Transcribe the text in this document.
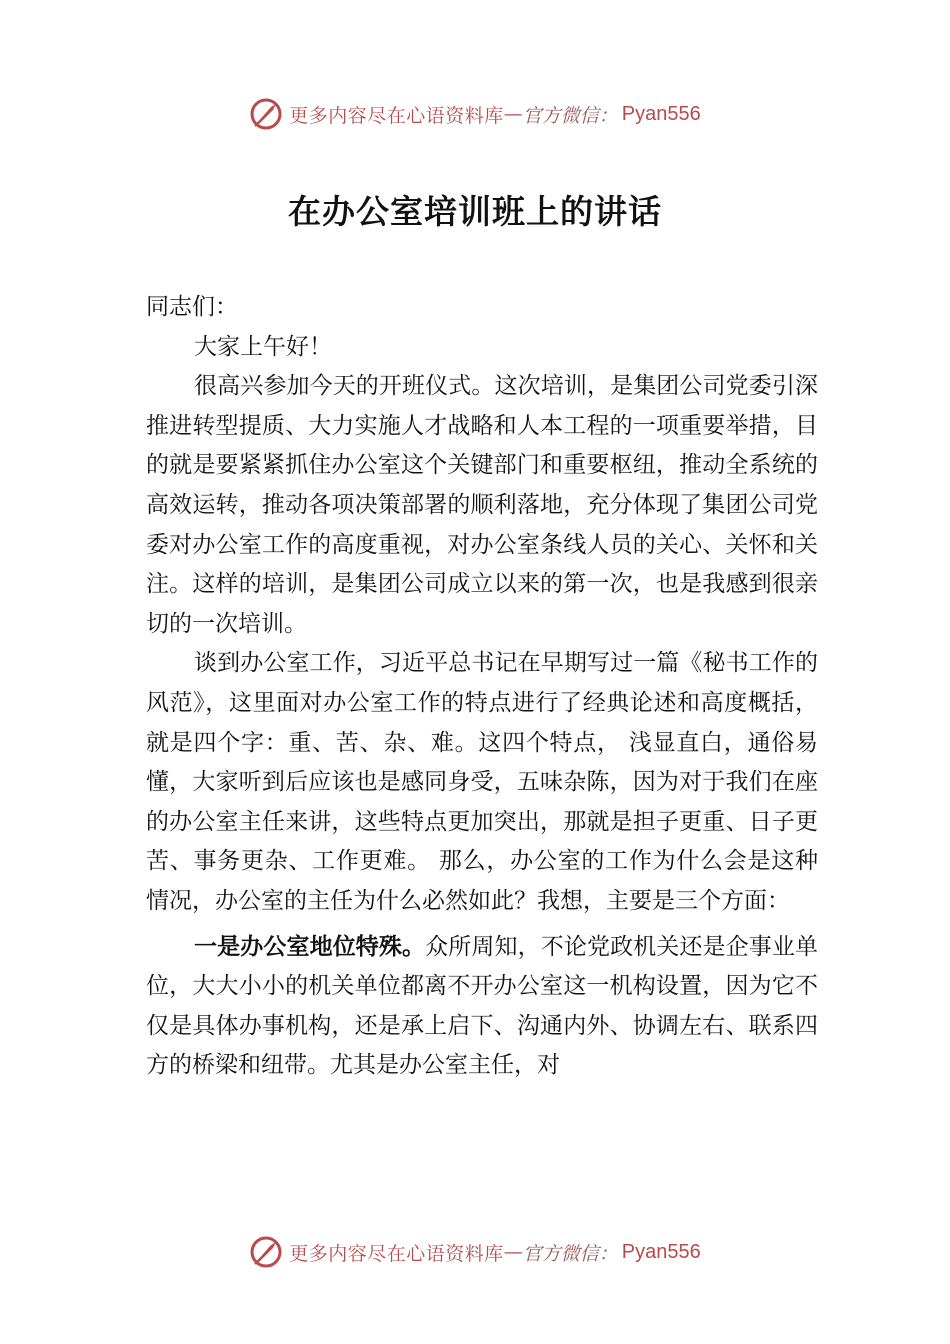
更多内容尽在心语资料库 — 官方微信： Pyan556
在办公室培训班上的讲话

同志们：

大家上午好！

很高兴参加今天的开班仪式。这次培训，是集团公司党委引深推进转型提质、大力实施人才战略和人本工程的一项重要举措，目的就是要紧紧抓住办公室这个关键部门和重要枢纽，推动全系统的高效运转，推动各项决策部署的顺利落地，充分体现了集团公司党委对办公室工作的高度重视，对办公室条线人员的关心、关怀和关注。这样的培训，是集团公司成立以来的第一次，也是我感到很亲切的一次培训。

谈到办公室工作，习近平总书记在早期写过一篇《秘书工作的风范》，这里面对办公室工作的特点进行了经典论述和高度概括，就是四个字：重、苦、杂、难。这四个特点， 浅显直白，通俗易懂，大家听到后应该也是感同身受，五味杂陈，因为对于我们在座的办公室主任来讲，这些特点更加突出，那就是担子更重、日子更苦、事务更杂、工作更难。 那么，办公室的工作为什么会是这种情况，办公室的主任为什么必然如此？我想，主要是三个方面：

一是办公室地位特殊。众所周知，不论党政机关还是企事业单位，大大小小的机关单位都离不开办公室这一机构设置，因为它不仅是具体办事机构，还是承上启下、沟通内外、协调左右、联系四方的桥梁和纽带。尤其是办公室主任，对

更多内容尽在心语资料库 — 官方微信： Pyan556
